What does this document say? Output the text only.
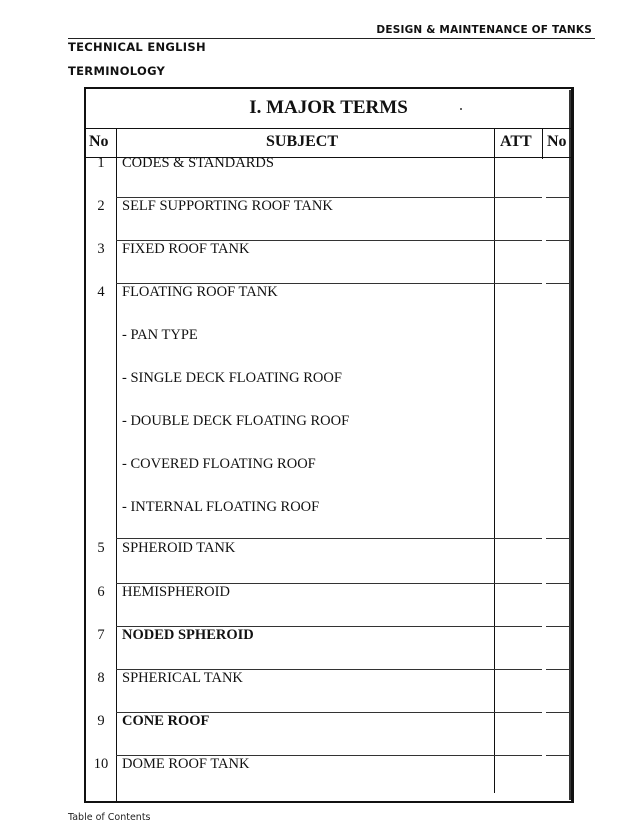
DESIGN & MAINTENANCE OF TANKS
TECHNICAL ENGLISH
TERMINOLOGY
I. MAJOR TERMS
No	SUBJECT	ATT No
1	CODES & STANDARDS
2	SELF SUPPORTING ROOF TANK
3	FIXED ROOF TANK
4	FLOATING ROOF TANK
- PAN TYPE
- SINGLE DECK FLOATING ROOF
- DOUBLE DECK FLOATING ROOF
- COVERED FLOATING ROOF
- INTERNAL FLOATING ROOF
5	SPHEROID TANK
6	HEMISPHEROID
7	NODED SPHEROID
8	SPHERICAL TANK
9	CONE ROOF
10 DOME ROOF TANK
Table of Contents
